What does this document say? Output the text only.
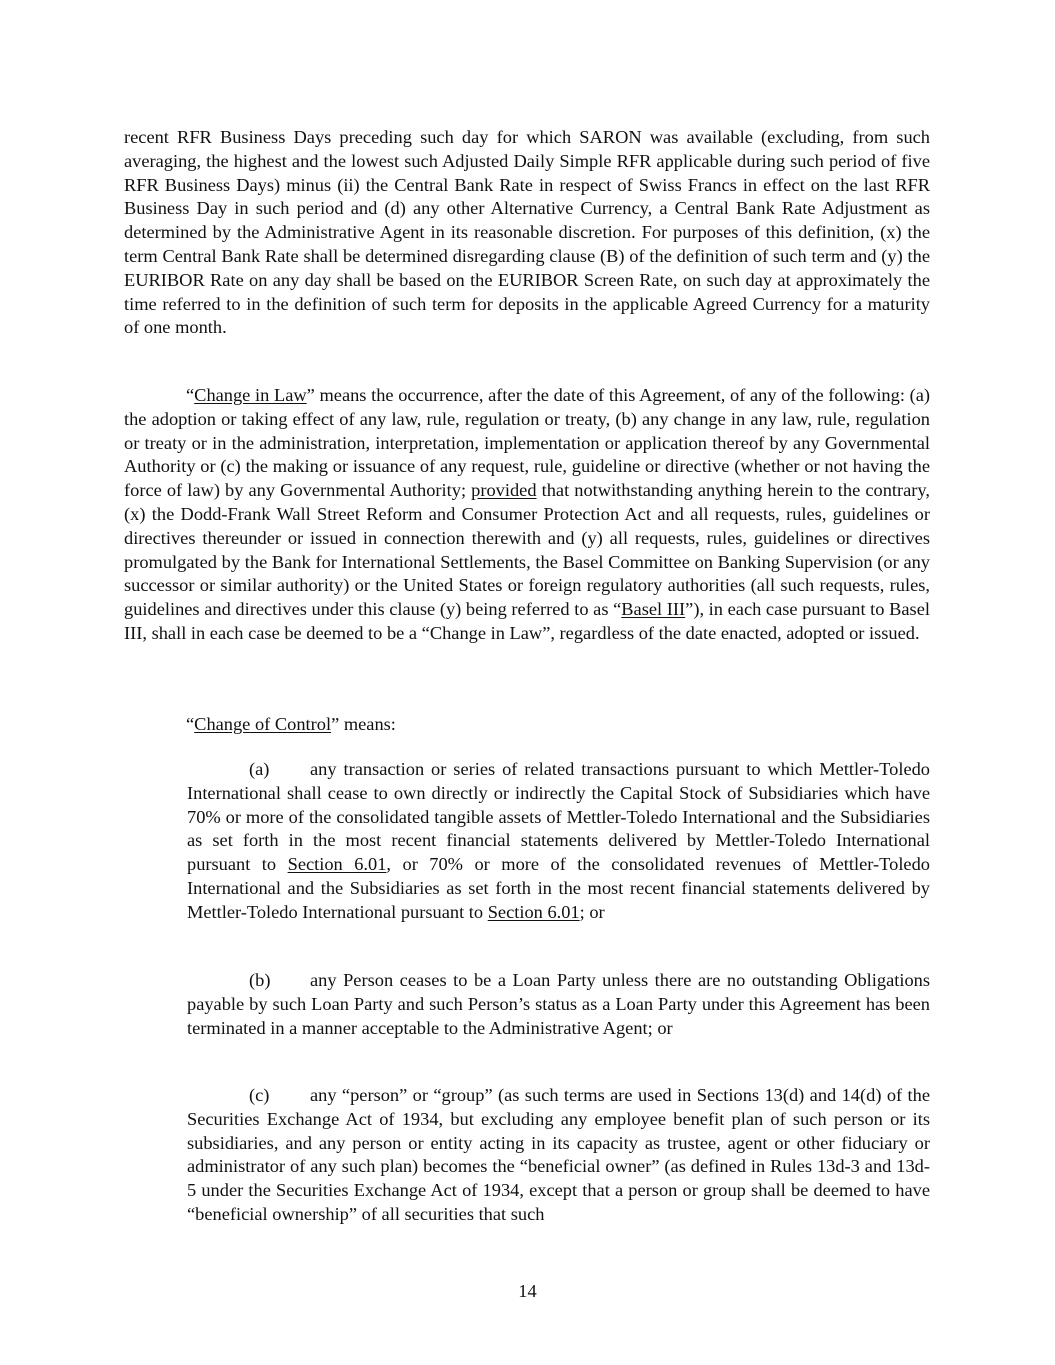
recent RFR Business Days preceding such day for which SARON was available (excluding, from such averaging, the highest and the lowest such Adjusted Daily Simple RFR applicable during such period of five RFR Business Days) minus (ii) the Central Bank Rate in respect of Swiss Francs in effect on the last RFR Business Day in such period and (d) any other Alternative Currency, a Central Bank Rate Adjustment as determined by the Administrative Agent in its reasonable discretion. For purposes of this definition, (x) the term Central Bank Rate shall be determined disregarding clause (B) of the definition of such term and (y) the EURIBOR Rate on any day shall be based on the EURIBOR Screen Rate, on such day at approximately the time referred to in the definition of such term for deposits in the applicable Agreed Currency for a maturity of one month.

“Change in Law” means the occurrence, after the date of this Agreement, of any of the following: (a) the adoption or taking effect of any law, rule, regulation or treaty, (b) any change in any law, rule, regulation or treaty or in the administration, interpretation, implementation or application thereof by any Governmental Authority or (c) the making or issuance of any request, rule, guideline or directive (whether or not having the force of law) by any Governmental Authority; provided that notwithstanding anything herein to the contrary, (x) the Dodd-Frank Wall Street Reform and Consumer Protection Act and all requests, rules, guidelines or directives thereunder or issued in connection therewith and (y) all requests, rules, guidelines or directives promulgated by the Bank for International Settlements, the Basel Committee on Banking Supervision (or any successor or similar authority) or the United States or foreign regulatory authorities (all such requests, rules, guidelines and directives under this clause (y) being referred to as “Basel III”), in each case pursuant to Basel III, shall in each case be deemed to be a “Change in Law”, regardless of the date enacted, adopted or issued.

“Change of Control” means:

(a) any transaction or series of related transactions pursuant to which Mettler-Toledo International shall cease to own directly or indirectly the Capital Stock of Subsidiaries which have 70% or more of the consolidated tangible assets of Mettler-Toledo International and the Subsidiaries as set forth in the most recent financial statements delivered by Mettler-Toledo International pursuant to Section 6.01, or 70% or more of the consolidated revenues of Mettler-Toledo International and the Subsidiaries as set forth in the most recent financial statements delivered by Mettler-Toledo International pursuant to Section 6.01; or

(b) any Person ceases to be a Loan Party unless there are no outstanding Obligations payable by such Loan Party and such Person’s status as a Loan Party under this Agreement has been terminated in a manner acceptable to the Administrative Agent; or

(c) any “person” or “group” (as such terms are used in Sections 13(d) and 14(d) of the Securities Exchange Act of 1934, but excluding any employee benefit plan of such person or its subsidiaries, and any person or entity acting in its capacity as trustee, agent or other fiduciary or administrator of any such plan) becomes the “beneficial owner” (as defined in Rules 13d-3 and 13d-5 under the Securities Exchange Act of 1934, except that a person or group shall be deemed to have “beneficial ownership” of all securities that such

14
